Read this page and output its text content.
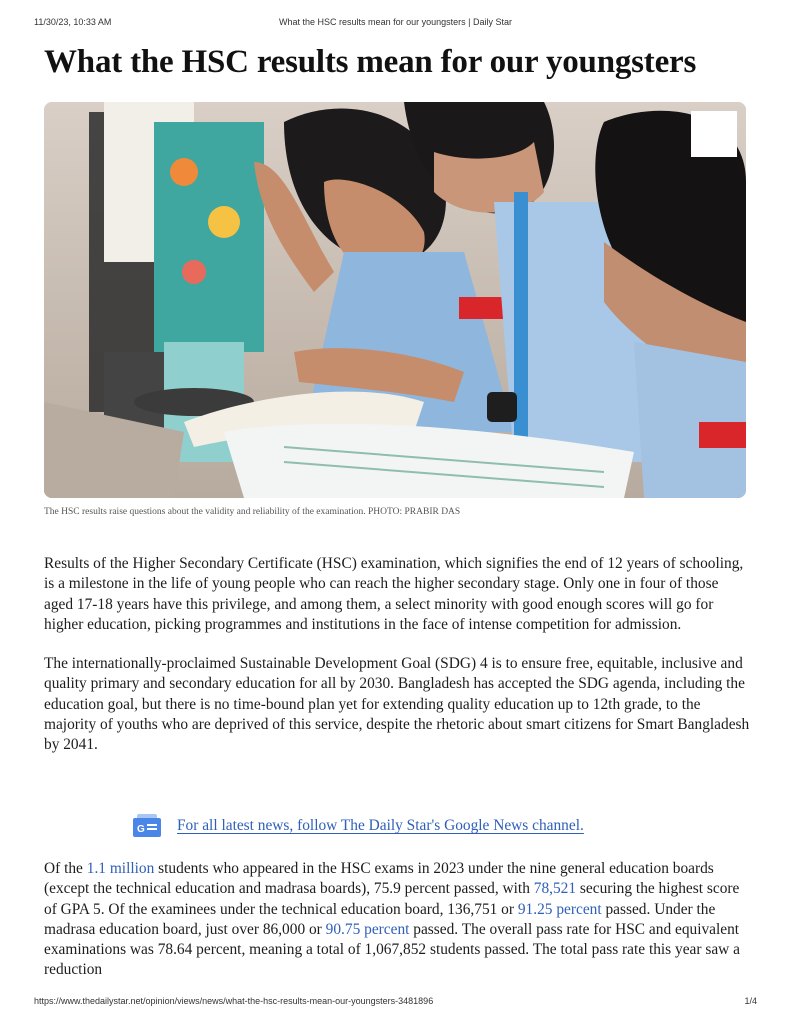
11/30/23, 10:33 AM	What the HSC results mean for our youngsters | Daily Star
What the HSC results mean for our youngsters
The HSC results raise questions about the validity and reliability of the examination. PHOTO: PRABIR DAS

Results of the Higher Secondary Certificate (HSC) examination, which signifies the end of 12 years of schooling, is a milestone in the life of young people who can reach the higher secondary stage. Only one in four of those aged 17-18 years have this privilege, and among them, a select minority with good enough scores will go for higher education, picking programmes and institutions in the face of intense competition for admission.

The internationally-proclaimed Sustainable Development Goal (SDG) 4 is to ensure free, equitable, inclusive and quality primary and secondary education for all by 2030. Bangladesh has accepted the SDG agenda, including the education goal, but there is no time-bound plan yet for extending quality education up to 12th grade, to the majority of youths who are deprived of this service, despite the rhetoric about smart citizens for Smart Bangladesh by 2041.

G For all latest news, follow The Daily Star's Google News channel.
Of the 1.1 million students who appeared in the HSC exams in 2023 under the nine general education boards (except the technical education and madrasa boards), 75.9 percent passed, with 78,521 securing the highest score of GPA 5. Of the examinees under the technical education board, 136,751 or 91.25 percent passed. Under the madrasa education board, just over 86,000 or 90.75 percent passed. The overall pass rate for HSC and equivalent examinations was 78.64 percent, meaning a total of 1,067,852 students passed. The total pass rate this year saw a reduction
https://www.thedailystar.net/opinion/views/news/what-the-hsc-results-mean-our-youngsters-3481896	1/4
